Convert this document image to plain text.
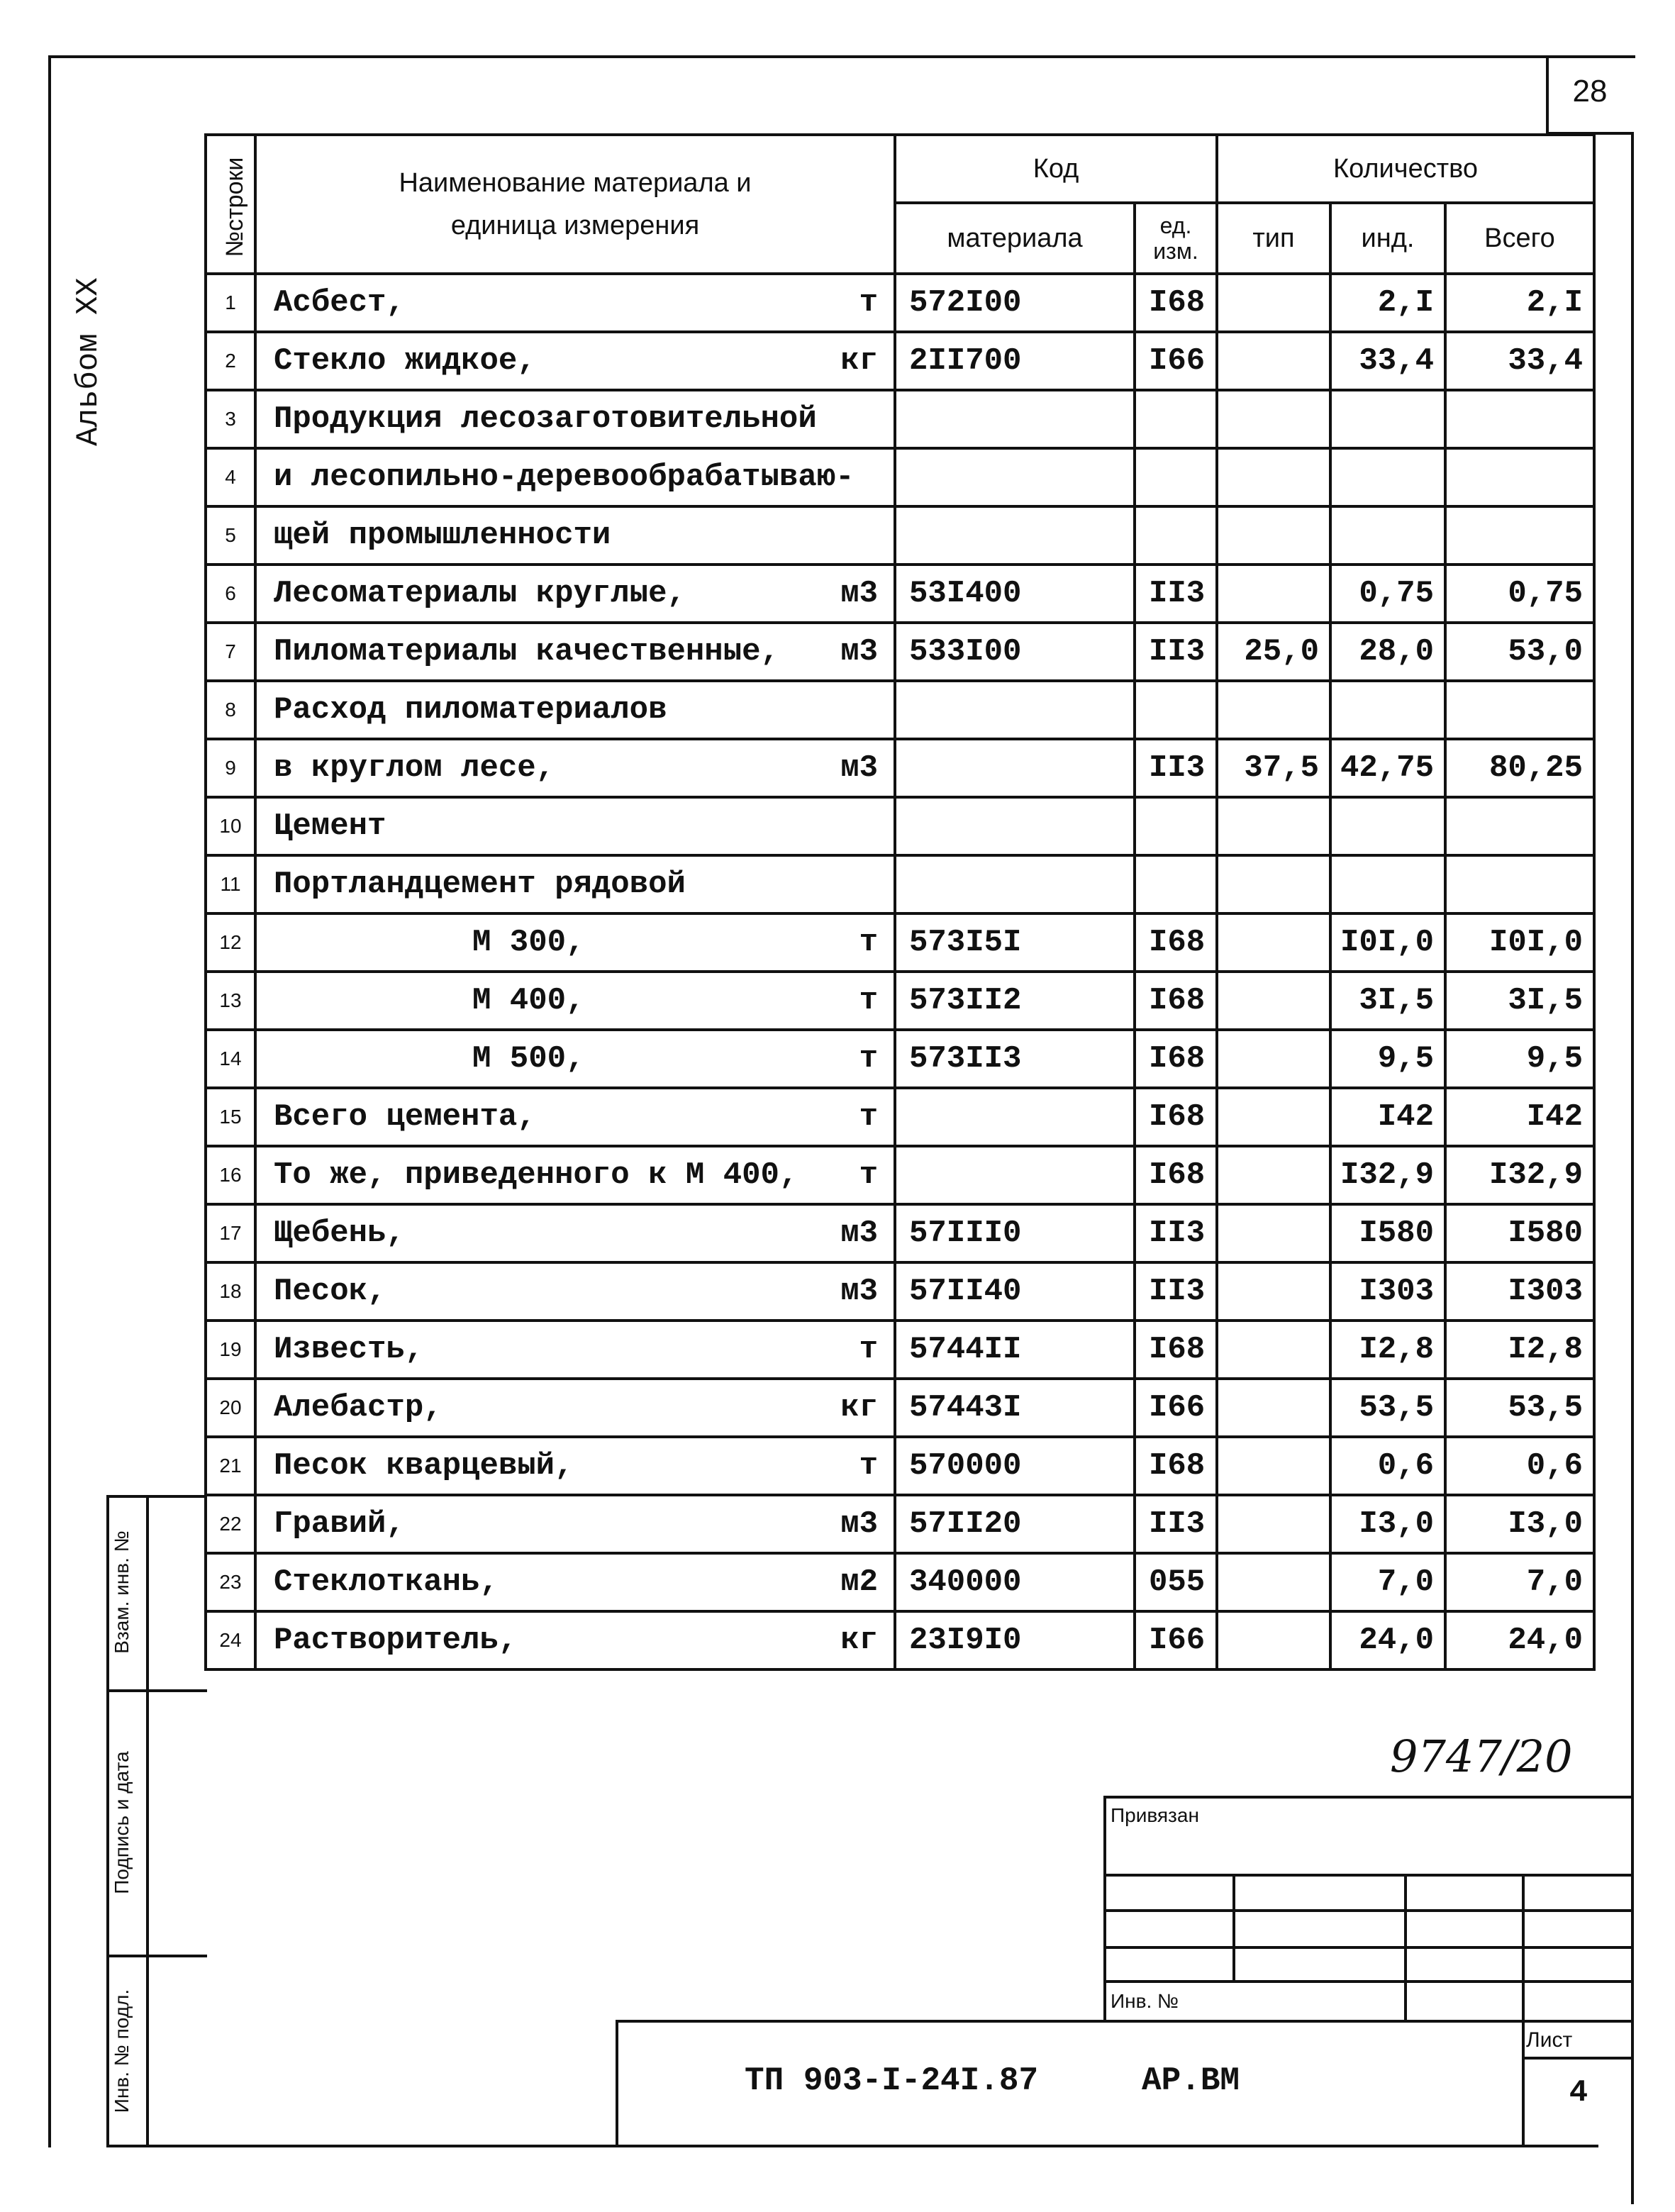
28
Альбом XX
№строки	Наименование материала и единица измерения	Код		Количество		
		материала	ед. изм.	тип	инд.	Всего
1	Асбест, т	572I00	I68		2,I	2,I
2	Стекло жидкое, кг	2II700	I66		33,4	33,4
3	Продукция лесозаготовительной

4	и лесопильно-деревообрабатываю-

5	щей промышленности

6	Лесоматериалы круглые, м3	53I400	II3		0,75	0,75
7	Пиломатериалы качественные, м3	533I00	II3	25,0	28,0	53,0
8	Расход пиломатериалов

9	в круглом лесе, м3		II3	37,5	42,75	80,25
10	Цемент

11	Портландцемент рядовой

12	М 300, т	573I5I	I68		I0I,0	I0I,0
13	М 400, т	573II2	I68		3I,5	3I,5
14	М 500, т	573II3	I68		9,5	9,5
15	Всего цемента, т		I68		I42	I42
16	То же, приведенного к М 400, т		I68		I32,9	I32,9
17	Щебень, м3	57III0	II3		I580	I580
18	Песок, м3	57II40	II3		I303	I303
19	Известь, т	5744II	I68		I2,8	I2,8
20	Алебастр, кг	57443I	I66		53,5	53,5
21	Песок кварцевый, т	570000	I68		0,6	0,6
22	Гравий, м3	57II20	II3		I3,0	I3,0
23	Стеклоткань, м2	340000	055		7,0	7,0
24	Растворитель, кг	23I9I0	I66		24,0	24,0
Взам. инв. №
Подпись и дата
Инв. № подл.
9747/20
Привязан
Инв. №
Лист
4
ТП 903-I-24I.87	АР.ВМ
